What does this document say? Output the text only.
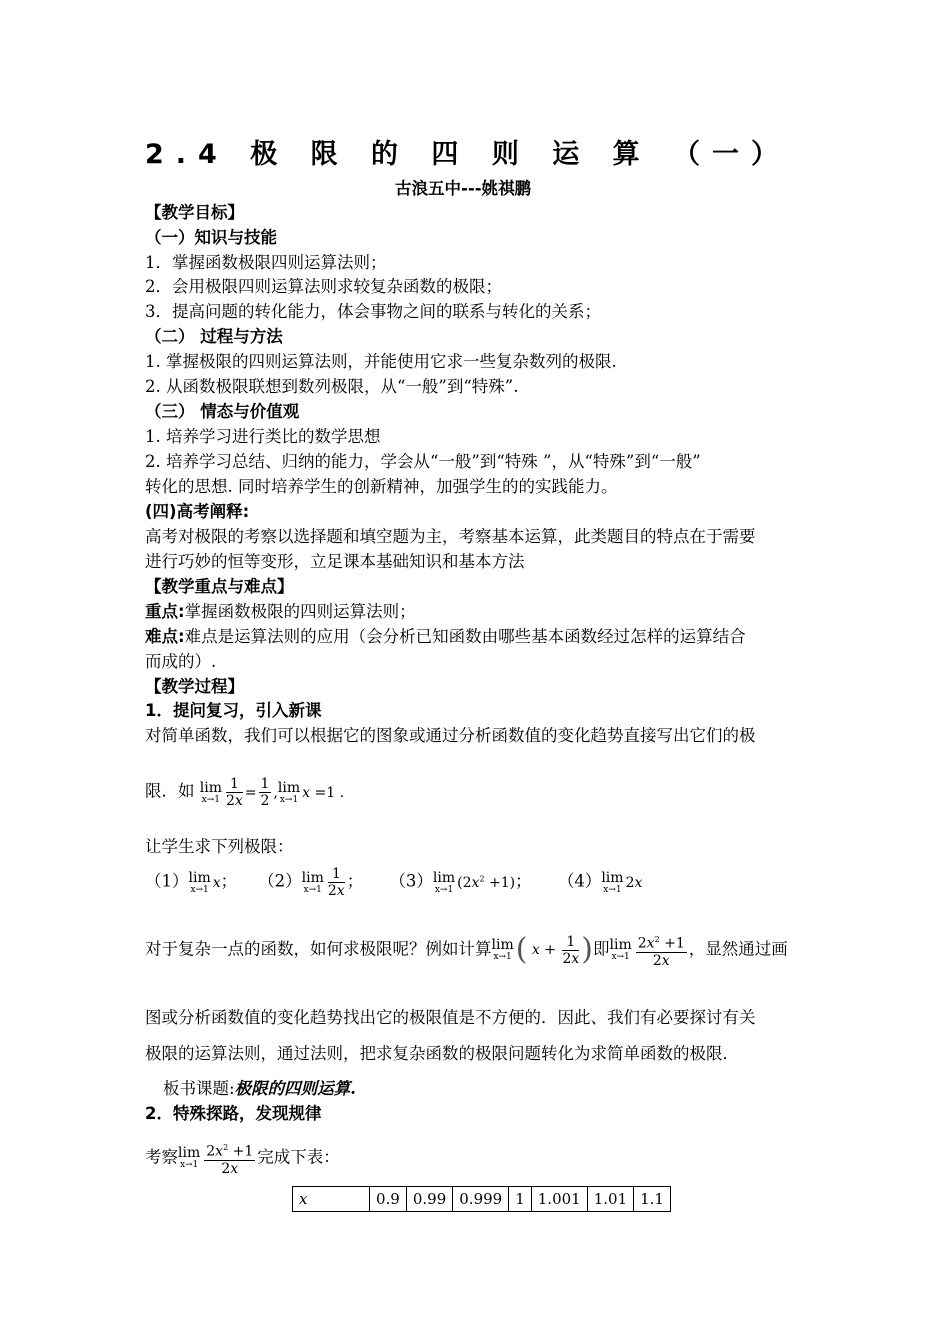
2.4 极 限 的 四 则 运 算 （一）
古浪五中---姚祺鹏
【教学目标】
（一）知识与技能
1．掌握函数极限四则运算法则；
2．会用极限四则运算法则求较复杂函数的极限；
3．提高问题的转化能力，体会事物之间的联系与转化的关系；
（二） 过程与方法
1. 掌握极限的四则运算法则，并能使用它求一些复杂数列的极限.
2. 从函数极限联想到数列极限，从“一般”到“特殊”.
（三） 情态与价值观
1. 培养学习进行类比的数学思想
2. 培养学习总结、归纳的能力，学会从“一般”到“特殊 ”，从“特殊”到“一般”
转化的思想. 同时培养学生的创新精神，加强学生的的实践能力。
(四)高考阐释:
高考对极限的考察以选择题和填空题为主，考察基本运算，此类题目的特点在于需要
进行巧妙的恒等变形，立足课本基础知识和基本方法
【教学重点与难点】
重点:掌握函数极限的四则运算法则；
难点:难点是运算法则的应用（会分析已知函数由哪些基本函数经过怎样的运算结合
而成的）.
【教学过程】
1．提问复习，引入新课
对简单函数，我们可以根据它的图象或通过分析函数值的变化趋势直接写出它们的极
限．如 lim
$x\to 1 \frac{1}{2x} = \frac{1}{2} ,\lim$
x→1 x =1 .
让学生求下列极限：
（1）lim
x→1 x；    （2）lim
$x\to 1 \frac{1}{2x}$ ；     （3）lim
x→1 $(2x^2 +1)$；     （4）lim
x→1 2x
对于复杂一点的函数，如何求极限呢？例如计算lim
x→1 ( $x + \frac{1}{2x}$ )即lim
$x\to 1 \frac{2x^2 +1}{2x}$ ，显然通过画
图或分析函数值的变化趋势找出它的极限值是不方便的．因此、我们有必要探讨有关
极限的运算法则，通过法则，把求复杂函数的极限问题转化为求简单函数的极限．
板书课题:极限的四则运算.
2．特殊探路，发现规律
考察lim
$x\to 1 \frac{2x^2 +1}{2x}$ 完成下表：
x	0.9	0.99	0.999	1	1.001	1.01	1.1
